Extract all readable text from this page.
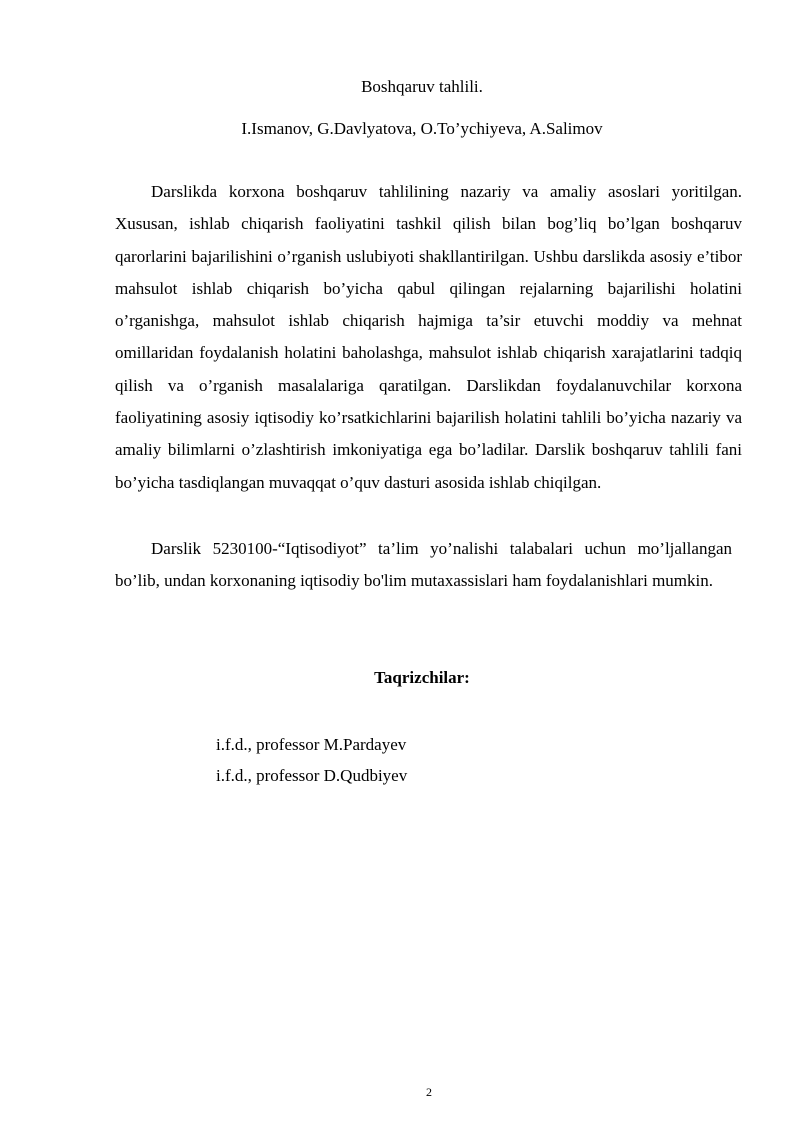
Boshqaruv tahlili.
I.Ismanov, G.Davlyatova, O.To’ychiyeva, A.Salimov

Darslikda korxona boshqaruv tahlilining nazariy va amaliy asoslari yoritilgan. Xususan, ishlab chiqarish faoliyatini tashkil qilish bilan bog’liq bo’lgan boshqaruv qarorlarini bajarilishini o’rganish uslubiyoti shakllantirilgan. Ushbu darslikda asosiy e’tibor mahsulot ishlab chiqarish bo’yicha qabul qilingan rejalarning bajarilishi holatini o’rganishga, mahsulot ishlab chiqarish hajmiga ta’sir etuvchi moddiy va mehnat omillaridan foydalanish holatini baholashga, mahsulot ishlab chiqarish xarajatlarini tadqiq qilish va o’rganish masalalariga qaratilgan. Darslikdan foydalanuvchilar korxona faoliyatining asosiy iqtisodiy ko’rsatkichlarini bajarilish holatini tahlili bo’yicha nazariy va amaliy bilimlarni o’zlashtirish imkoniyatiga ega bo’ladilar. Darslik boshqaruv tahlili fani bo’yicha tasdiqlangan muvaqqat o’quv dasturi asosida ishlab chiqilgan.

Darslik 5230100-“Iqtisodiyot” ta’lim yo’nalishi talabalari uchun mo’ljallangan bo’lib, undan korxonaning iqtisodiy bo'lim mutaxassislari ham foydalanishlari mumkin.

Taqrizchilar:
i.f.d., professor M.Pardayev
i.f.d., professor D.Qudbiyev
2
